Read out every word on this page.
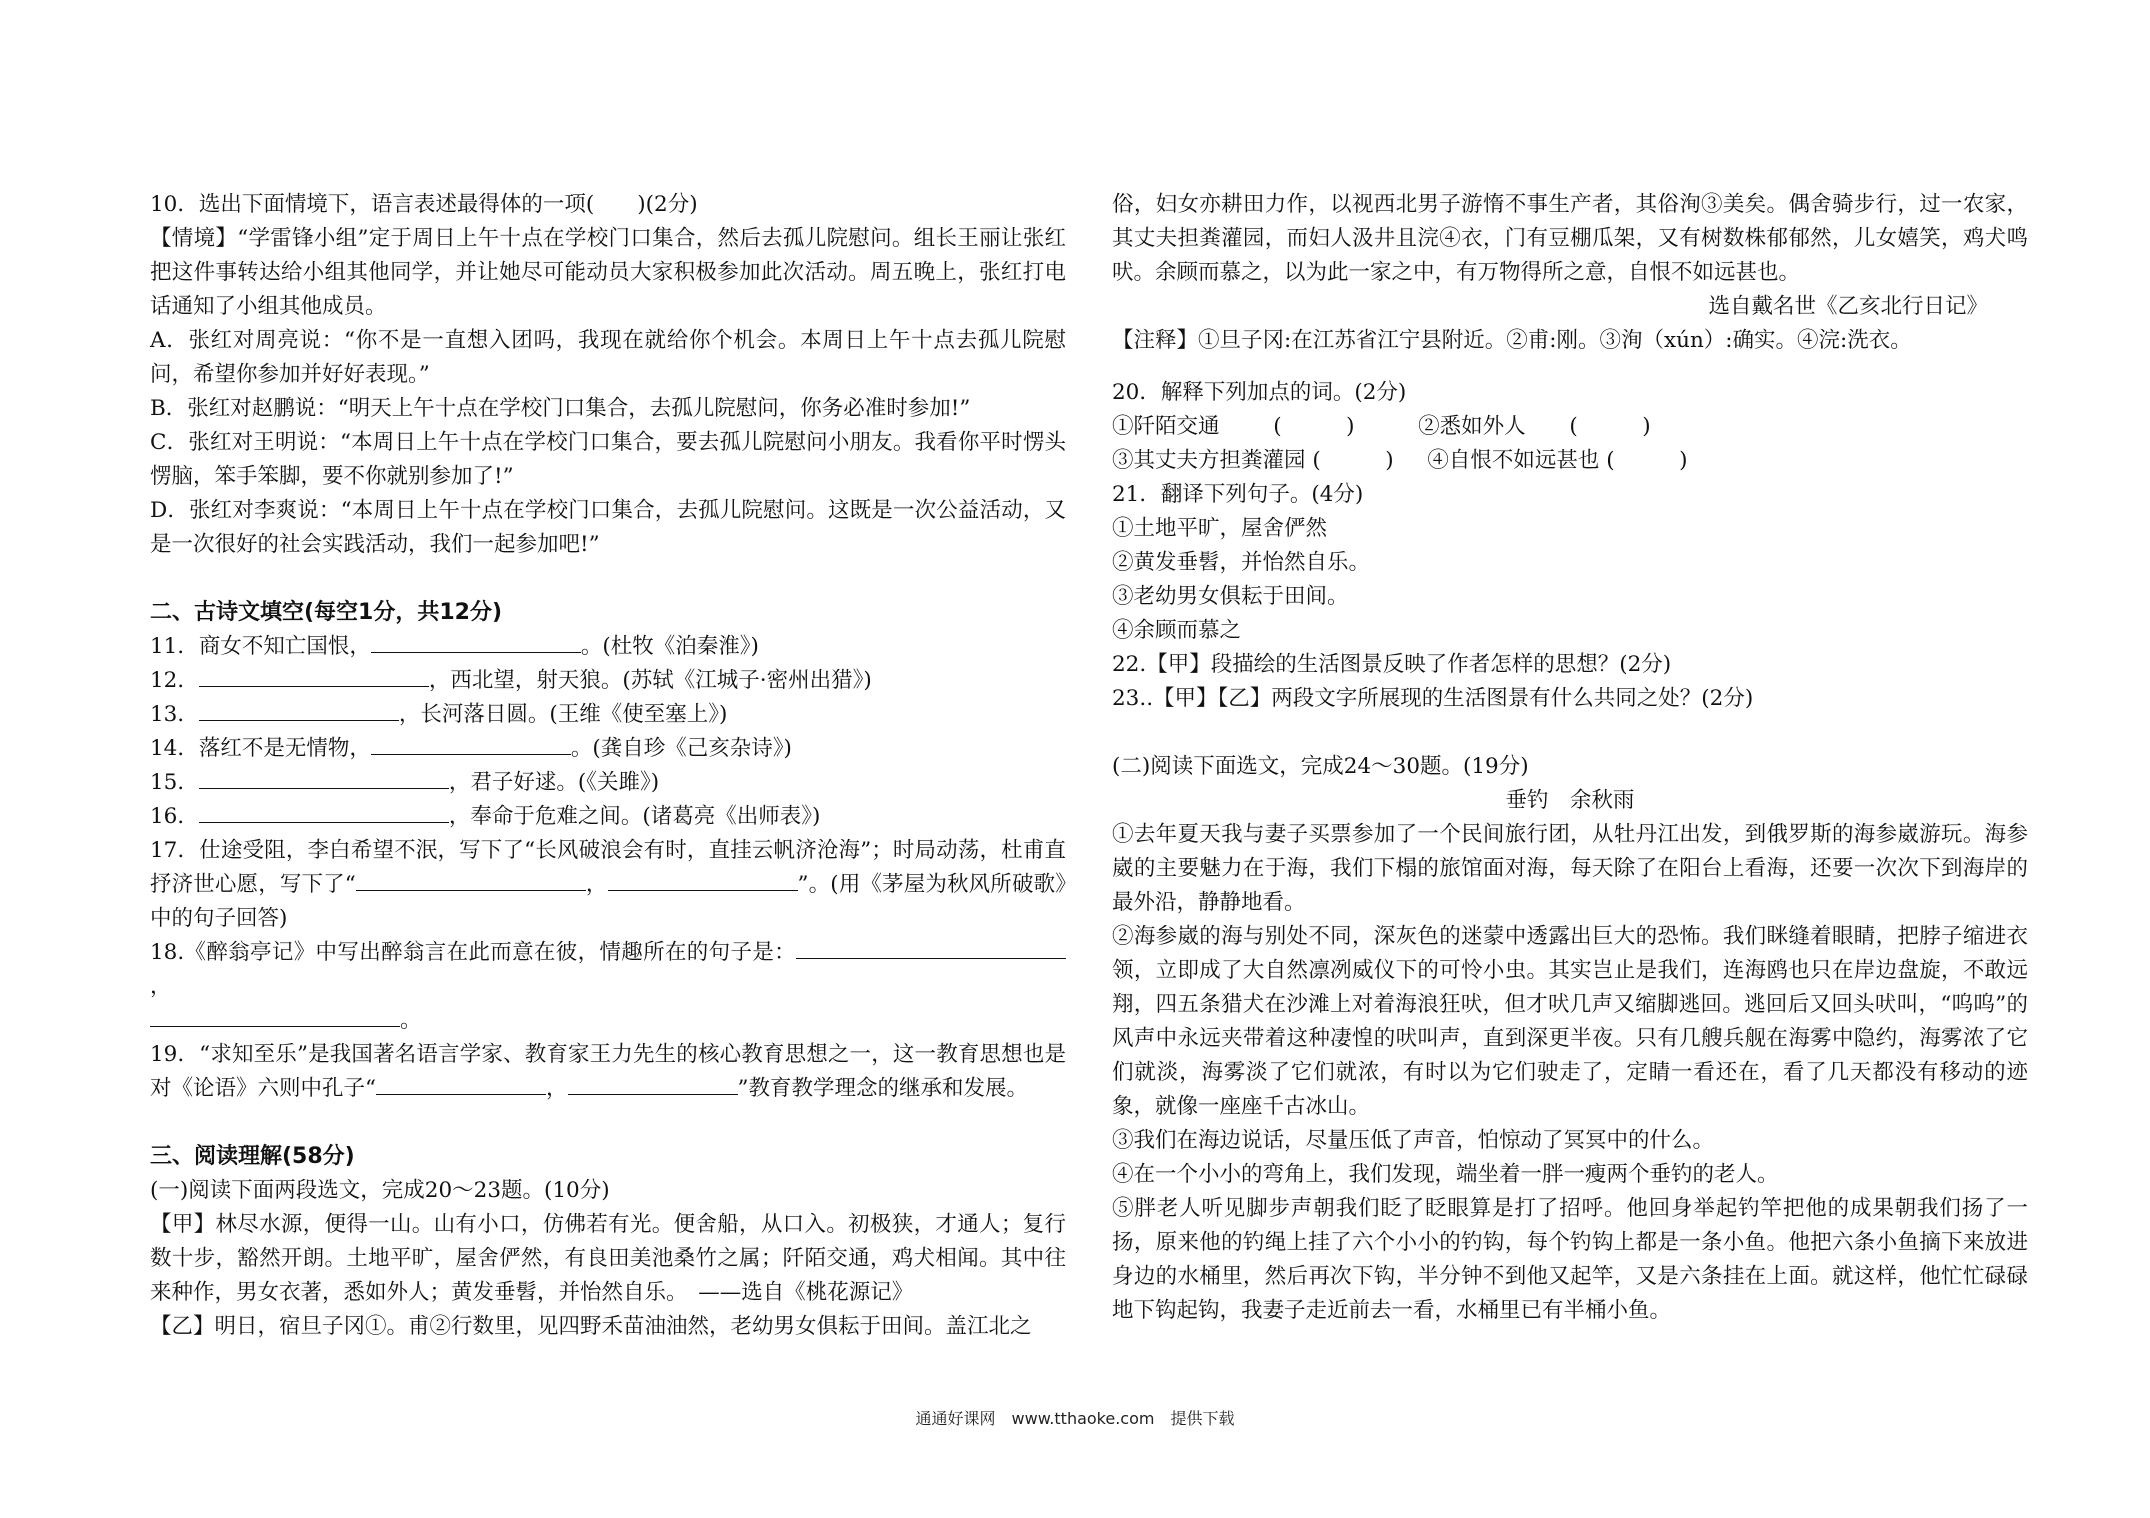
10．选出下面情境下，语言表述最得体的一项(　　)(2分)

【情境】“学雷锋小组”定于周日上午十点在学校门口集合，然后去孤儿院慰问。组长王丽让张红把这件事转达给小组其他同学，并让她尽可能动员大家积极参加此次活动。周五晚上，张红打电话通知了小组其他成员。

A．张红对周亮说：“你不是一直想入团吗，我现在就给你个机会。本周日上午十点去孤儿院慰问，希望你参加并好好表现。”

B．张红对赵鹏说：“明天上午十点在学校门口集合，去孤儿院慰问，你务必准时参加!”

C．张红对王明说：“本周日上午十点在学校门口集合，要去孤儿院慰问小朋友。我看你平时愣头愣脑，笨手笨脚，要不你就别参加了!”

D．张红对李爽说：“本周日上午十点在学校门口集合，去孤儿院慰问。这既是一次公益活动，又是一次很好的社会实践活动，我们一起参加吧!”

二、古诗文填空(每空1分，共12分)

11．商女不知亡国恨，	。(杜牧《泊秦淮》)

12．	，西北望，射天狼。(苏轼《江城子·密州出猎》)

13．	，长河落日圆。(王维《使至塞上》)

14．落红不是无情物，	。(龚自珍《己亥杂诗》)

15．	，君子好逑。(《关雎》)

16．	，奉命于危难之间。(诸葛亮《出师表》)

17．仕途受阻，李白希望不泯，写下了“长风破浪会有时，直挂云帆济沧海”；时局动荡，杜甫直抒济世心愿，写下了“	，	”。(用《茅屋为秋风所破歌》中的句子回答)

18.《醉翁亭记》中写出醉翁言在此而意在彼，情趣所在的句子是：，

。

19．“求知至乐”是我国著名语言学家、教育家王力先生的核心教育思想之一，这一教育思想也是对《论语》六则中孔子“	，	”教育教学理念的继承和发展。

三、阅读理解(58分)

(一)阅读下面两段选文，完成20～23题。(10分)

【甲】林尽水源，便得一山。山有小口，仿佛若有光。便舍船，从口入。初极狭，才通人；复行数十步，豁然开朗。土地平旷，屋舍俨然，有良田美池桑竹之属；阡陌交通，鸡犬相闻。其中往来种作，男女衣著，悉如外人；黄发垂髫，并怡然自乐。　——选自《桃花源记》

【乙】明日，宿旦子冈①。甫②行数里，见四野禾苗油油然，老幼男女俱耘于田间。盖江北之

俗，妇女亦耕田力作，以视西北男子游惰不事生产者，其俗洵③美矣。偶舍骑步行，过一农家，其丈夫担粪灌园，而妇人汲井且浣④衣，门有豆棚瓜架，又有树数株郁郁然，儿女嬉笑，鸡犬鸣吠。余顾而慕之，以为此一家之中，有万物得所之意，自恨不如远甚也。

选自戴名世《乙亥北行日记》

【注释】①旦子冈:在江苏省江宁县附近。②甫:刚。③洵（xún）:确实。④浣:洗衣。

20．解释下列加点的词。(2分)

①阡陌交通 (　　　)	②悉如外人 (　　　)

③其丈夫方担粪灌园 (　　　) ④自恨不如远甚也 (　　　)

21．翻译下列句子。(4分)

①土地平旷，屋舍俨然

②黄发垂髫，并怡然自乐。

③老幼男女俱耘于田间。

④余顾而慕之

22.【甲】段描绘的生活图景反映了作者怎样的思想？(2分)

23..【甲】【乙】两段文字所展现的生活图景有什么共同之处？(2分)

(二)阅读下面选文，完成24～30题。(19分)

垂钓　余秋雨

①去年夏天我与妻子买票参加了一个民间旅行团，从牡丹江出发，到俄罗斯的海参崴游玩。海参崴的主要魅力在于海，我们下榻的旅馆面对海，每天除了在阳台上看海，还要一次次下到海岸的最外沿，静静地看。

②海参崴的海与别处不同，深灰色的迷蒙中透露出巨大的恐怖。我们眯缝着眼睛，把脖子缩进衣领，立即成了大自然凛冽威仪下的可怜小虫。其实岂止是我们，连海鸥也只在岸边盘旋，不敢远翔，四五条猎犬在沙滩上对着海浪狂吠，但才吠几声又缩脚逃回。逃回后又回头吠叫，“呜呜”的风声中永远夹带着这种凄惶的吠叫声，直到深更半夜。只有几艘兵舰在海雾中隐约，海雾浓了它们就淡，海雾淡了它们就浓，有时以为它们驶走了，定睛一看还在，看了几天都没有移动的迹象，就像一座座千古冰山。

③我们在海边说话，尽量压低了声音，怕惊动了冥冥中的什么。

④在一个小小的弯角上，我们发现，端坐着一胖一瘦两个垂钓的老人。

⑤胖老人听见脚步声朝我们眨了眨眼算是打了招呼。他回身举起钓竿把他的成果朝我们扬了一扬，原来他的钓绳上挂了六个小小的钓钩，每个钓钩上都是一条小鱼。他把六条小鱼摘下来放进身边的水桶里，然后再次下钩，半分钟不到他又起竿，又是六条挂在上面。就这样，他忙忙碌碌地下钩起钩，我妻子走近前去一看，水桶里已有半桶小鱼。

通通好课网　www.tthaoke.com　提供下载
